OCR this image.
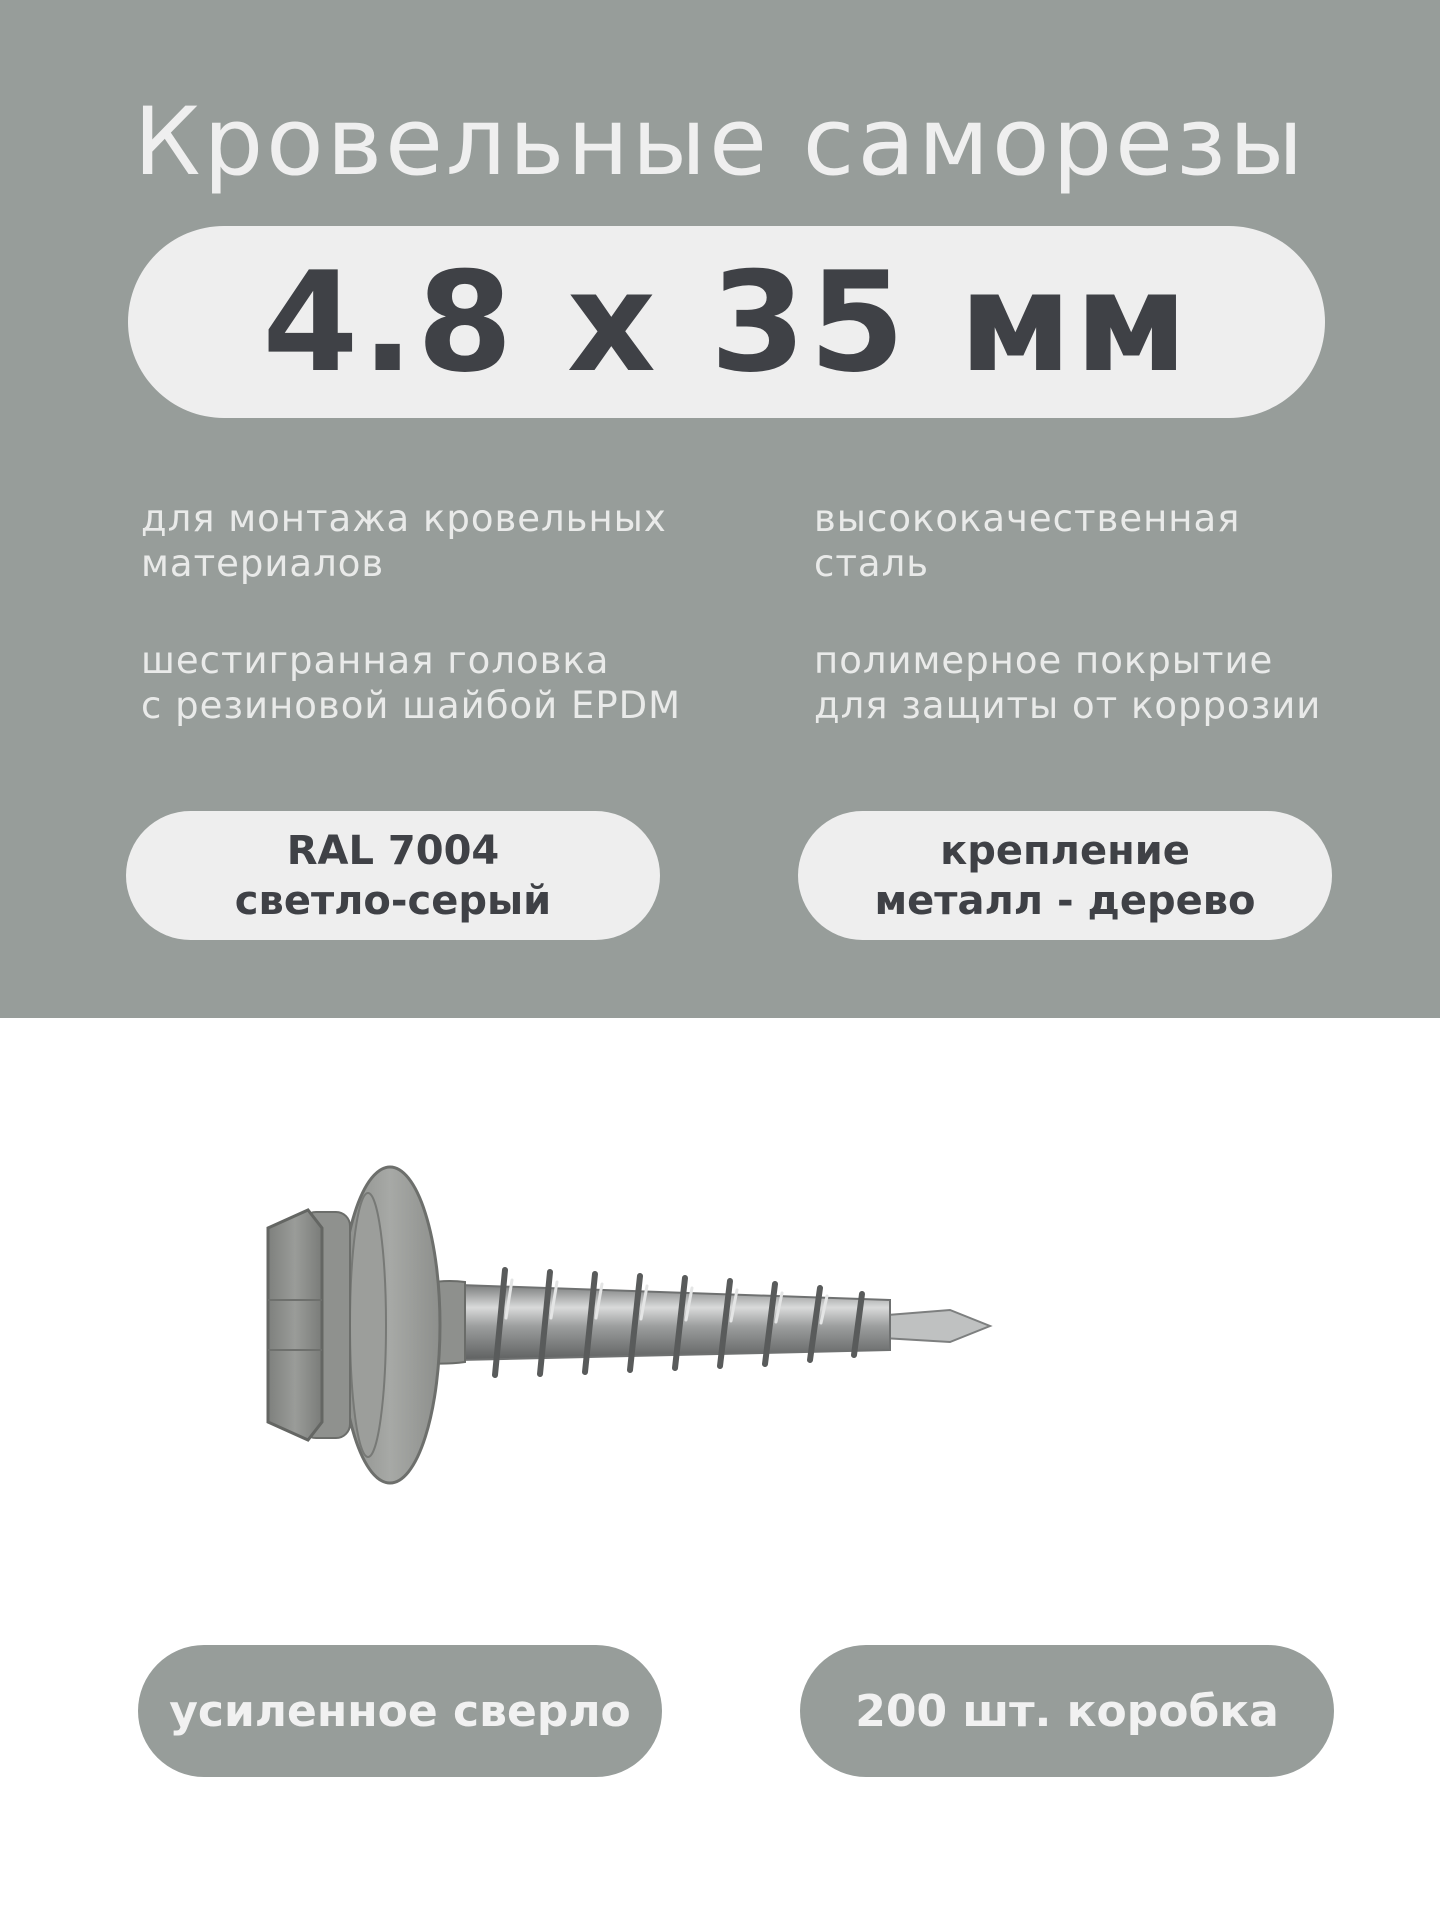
Кровельные саморезы
4.8 x 35 мм
для монтажа кровельных
материалов
высококачественная
сталь
шестигранная головка
с резиновой шайбой EPDM
полимерное покрытие
для защиты от коррозии
RAL 7004
светло-серый
крепление
металл - дерево
усиленное сверло	200 шт. коробка
